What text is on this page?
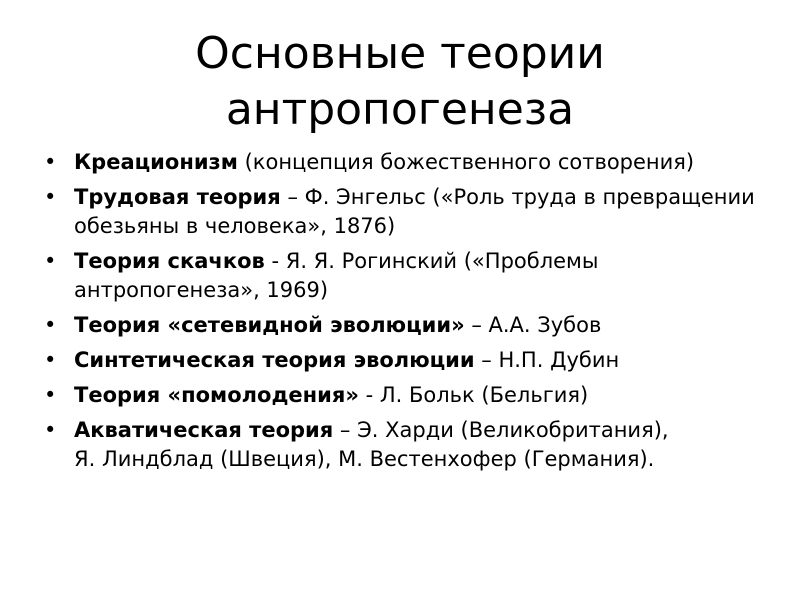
Основные теории
антропогенеза
• Креационизм (концепция божественного сотворения)
• Трудовая теория – Ф. Энгельс («Роль труда в превращении обезьяны в человека», 1876)
• Теория скачков - Я. Я. Рогинский («Проблемы антропогенеза», 1969)
• Теория «сетевидной эволюции» – А.А. Зубов
• Синтетическая теория эволюции – Н.П. Дубин
• Теория «помолодения» - Л. Больк (Бельгия)
• Акватическая теория – Э. Харди (Великобритания),
Я. Линдблад (Швеция), М. Вестенхофер (Германия).
